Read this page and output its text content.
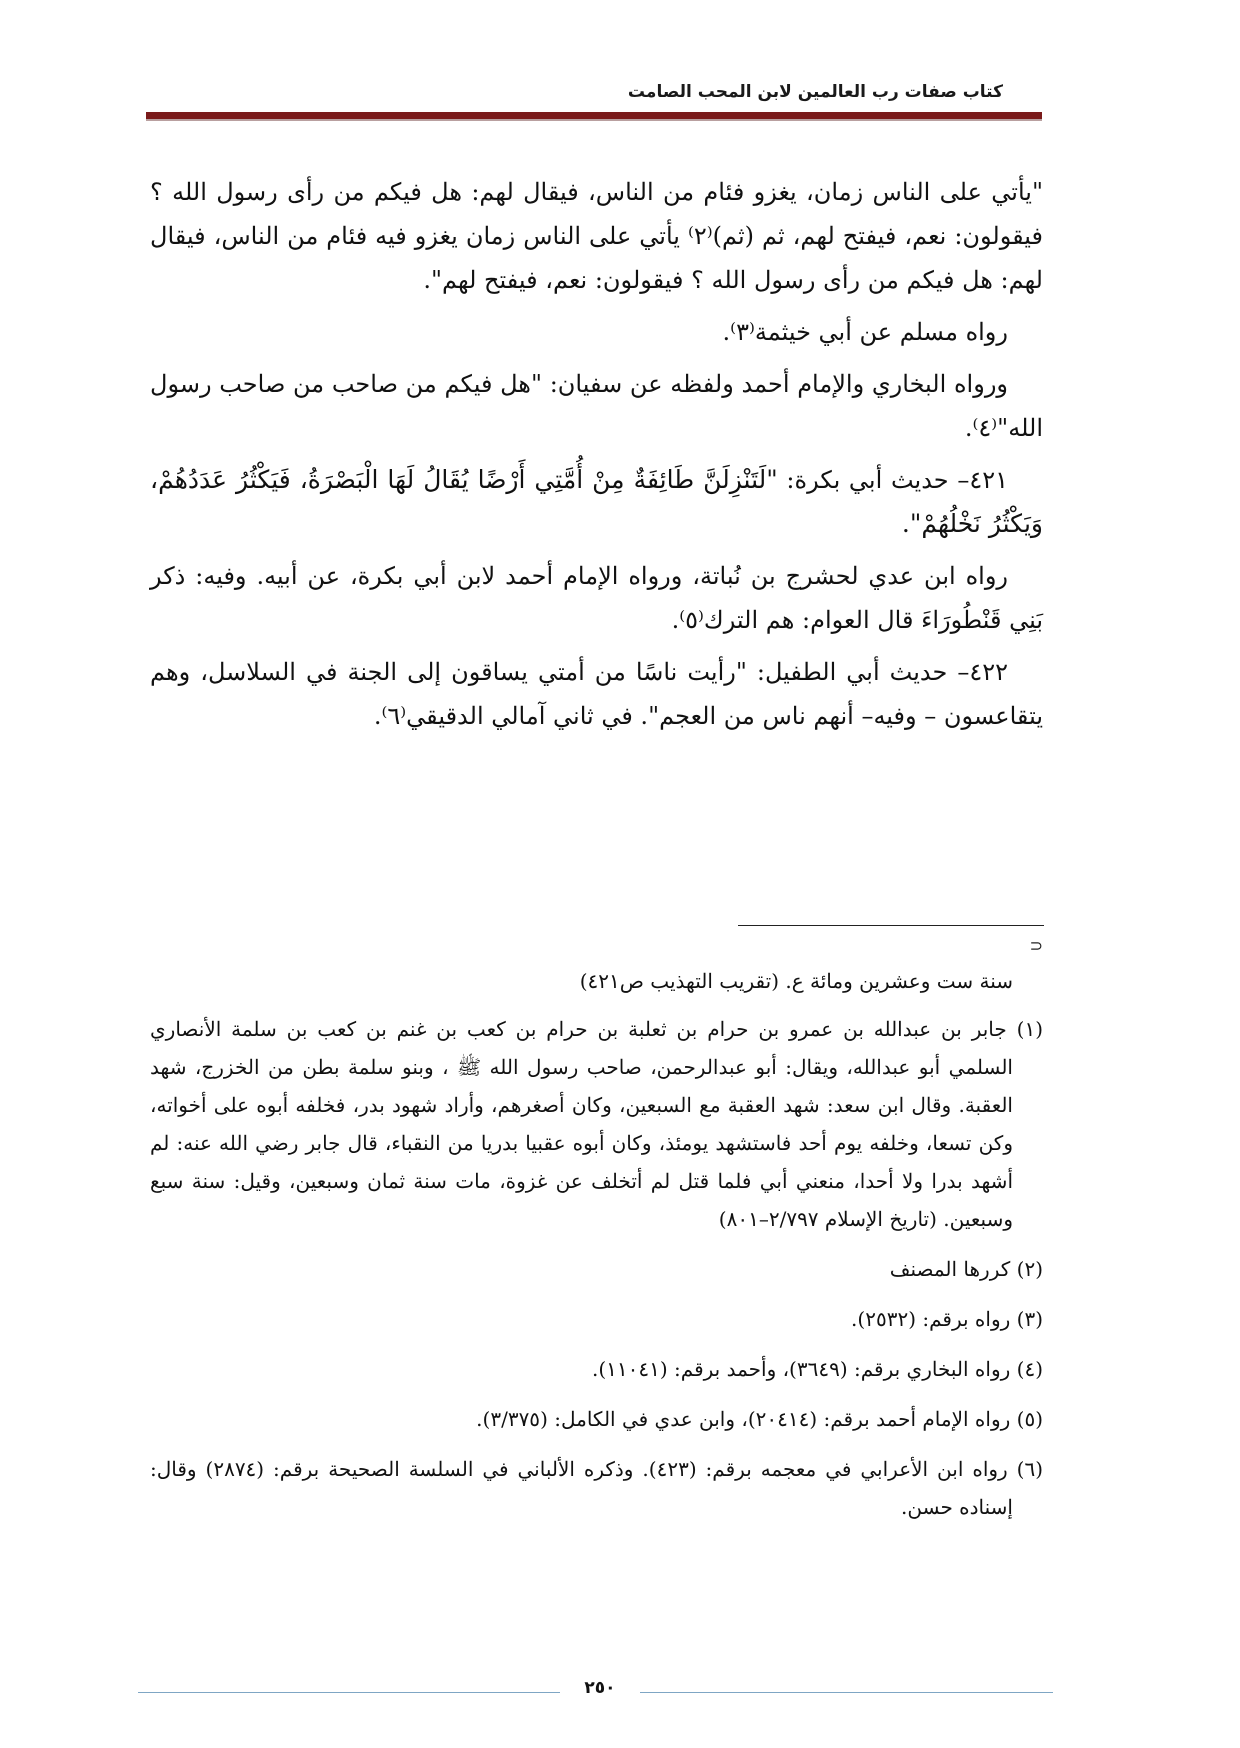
كتاب صفات رب العالمين لابن المحب الصامت

"يأتي على الناس زمان، يغزو فئام من الناس، فيقال لهم: هل فيكم من رأى رسول الله ؟ فيقولون: نعم، فيفتح لهم، ثم (ثم)⁽٢⁾ يأتي على الناس زمان يغزو فيه فئام من الناس، فيقال لهم: هل فيكم من رأى رسول الله ؟ فيقولون: نعم، فيفتح لهم".

رواه مسلم عن أبي خيثمة⁽٣⁾.

ورواه البخاري والإمام أحمد ولفظه عن سفيان: "هل فيكم من صاحب من صاحب رسول الله"⁽٤⁾.

٤٢١– حديث أبي بكرة: "لَتَنْزِلَنَّ طَائِفَةٌ مِنْ أُمَّتِي أَرْضًا يُقَالُ لَهَا الْبَصْرَةُ، فَيَكْثُرُ عَدَدُهُمْ، وَيَكْثُرُ نَخْلُهُمْ".

رواه ابن عدي لحشرج بن نُباتة، ورواه الإمام أحمد لابن أبي بكرة، عن أبيه. وفيه: ذكر بَنِي قَنْطُورَاءَ قال العوام: هم الترك⁽٥⁾.

٤٢٢– حديث أبي الطفيل: "رأيت ناسًا من أمتي يساقون إلى الجنة في السلاسل، وهم يتقاعسون – وفيه– أنهم ناس من العجم". في ثاني آمالي الدقيقي⁽٦⁾.

⊃
سنة ست وعشرين ومائة ع. (تقريب التهذيب ص٤٢١)
(١) جابر بن عبدالله بن عمرو بن حرام بن ثعلبة بن حرام بن كعب بن غنم بن كعب بن سلمة الأنصاري السلمي أبو عبدالله، ويقال: أبو عبدالرحمن، صاحب رسول الله ﷺ ، وبنو سلمة بطن من الخزرج، شهد العقبة. وقال ابن سعد: شهد العقبة مع السبعين، وكان أصغرهم، وأراد شهود بدر، فخلفه أبوه على أخواته، وكن تسعا، وخلفه يوم أحد فاستشهد يومئذ، وكان أبوه عقبيا بدريا من النقباء، قال جابر رضي الله عنه: لم أشهد بدرا ولا أحدا، منعني أبي فلما قتل لم أتخلف عن غزوة، مات سنة ثمان وسبعين، وقيل: سنة سبع وسبعين. (تاريخ الإسلام ٢/٧٩٧–٨٠١)
(٢) كررها المصنف
(٣) رواه برقم: (٢٥٣٢).
(٤) رواه البخاري برقم: (٣٦٤٩)، وأحمد برقم: (١١٠٤١).
(٥) رواه الإمام أحمد برقم: (٢٠٤١٤)، وابن عدي في الكامل: (٣/٣٧٥).
(٦) رواه ابن الأعرابي في معجمه برقم: (٤٢٣). وذكره الألباني في السلسة الصحيحة برقم: (٢٨٧٤) وقال: إسناده حسن.
٢٥٠
